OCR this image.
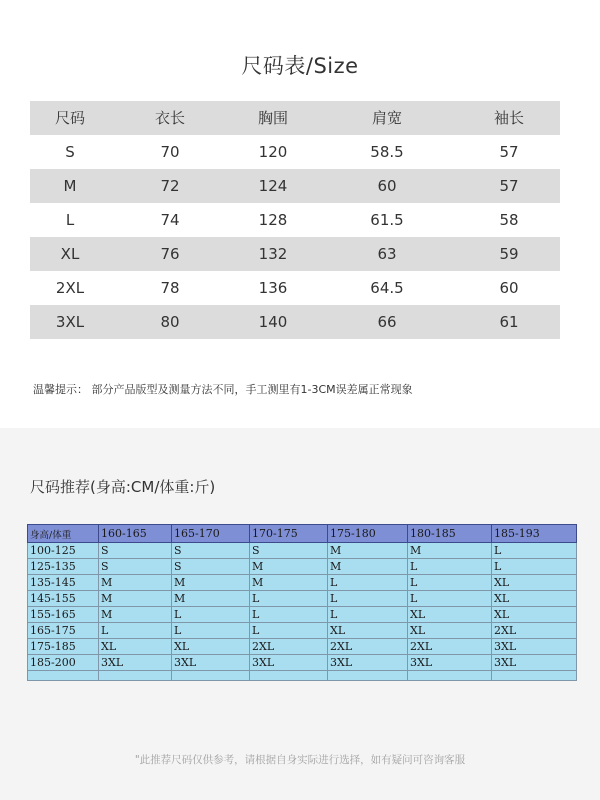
尺码表/Size
尺码	衣长	胸围	肩宽	袖长
S	70	120	58.5	57
M	72	124	60	57
L	74	128	61.5	58
XL	76	132	63	59
2XL	78	136	64.5	60
3XL	80	140	66	61
温馨提示： 部分产品版型及测量方法不同，手工测里有1-3CM误差属正常现象
尺码推荐(身高:CM/体重:斤)
身高/体重	160-165	165-170	170-175	175-180	180-185	185-193
100-125	S	S	S	M	M	L
125-135	S	S	M	M	L	L
135-145	M	M	M	L	L	XL
145-155	M	M	L	L	L	XL
155-165	M	L	L	L	XL	XL
165-175	L	L	L	XL	XL	2XL
175-185	XL	XL	2XL	2XL	2XL	3XL
185-200	3XL	3XL	3XL	3XL	3XL	3XL

"此推荐尺码仅供参考，请根据自身实际进行选择，如有疑问可咨询客服
